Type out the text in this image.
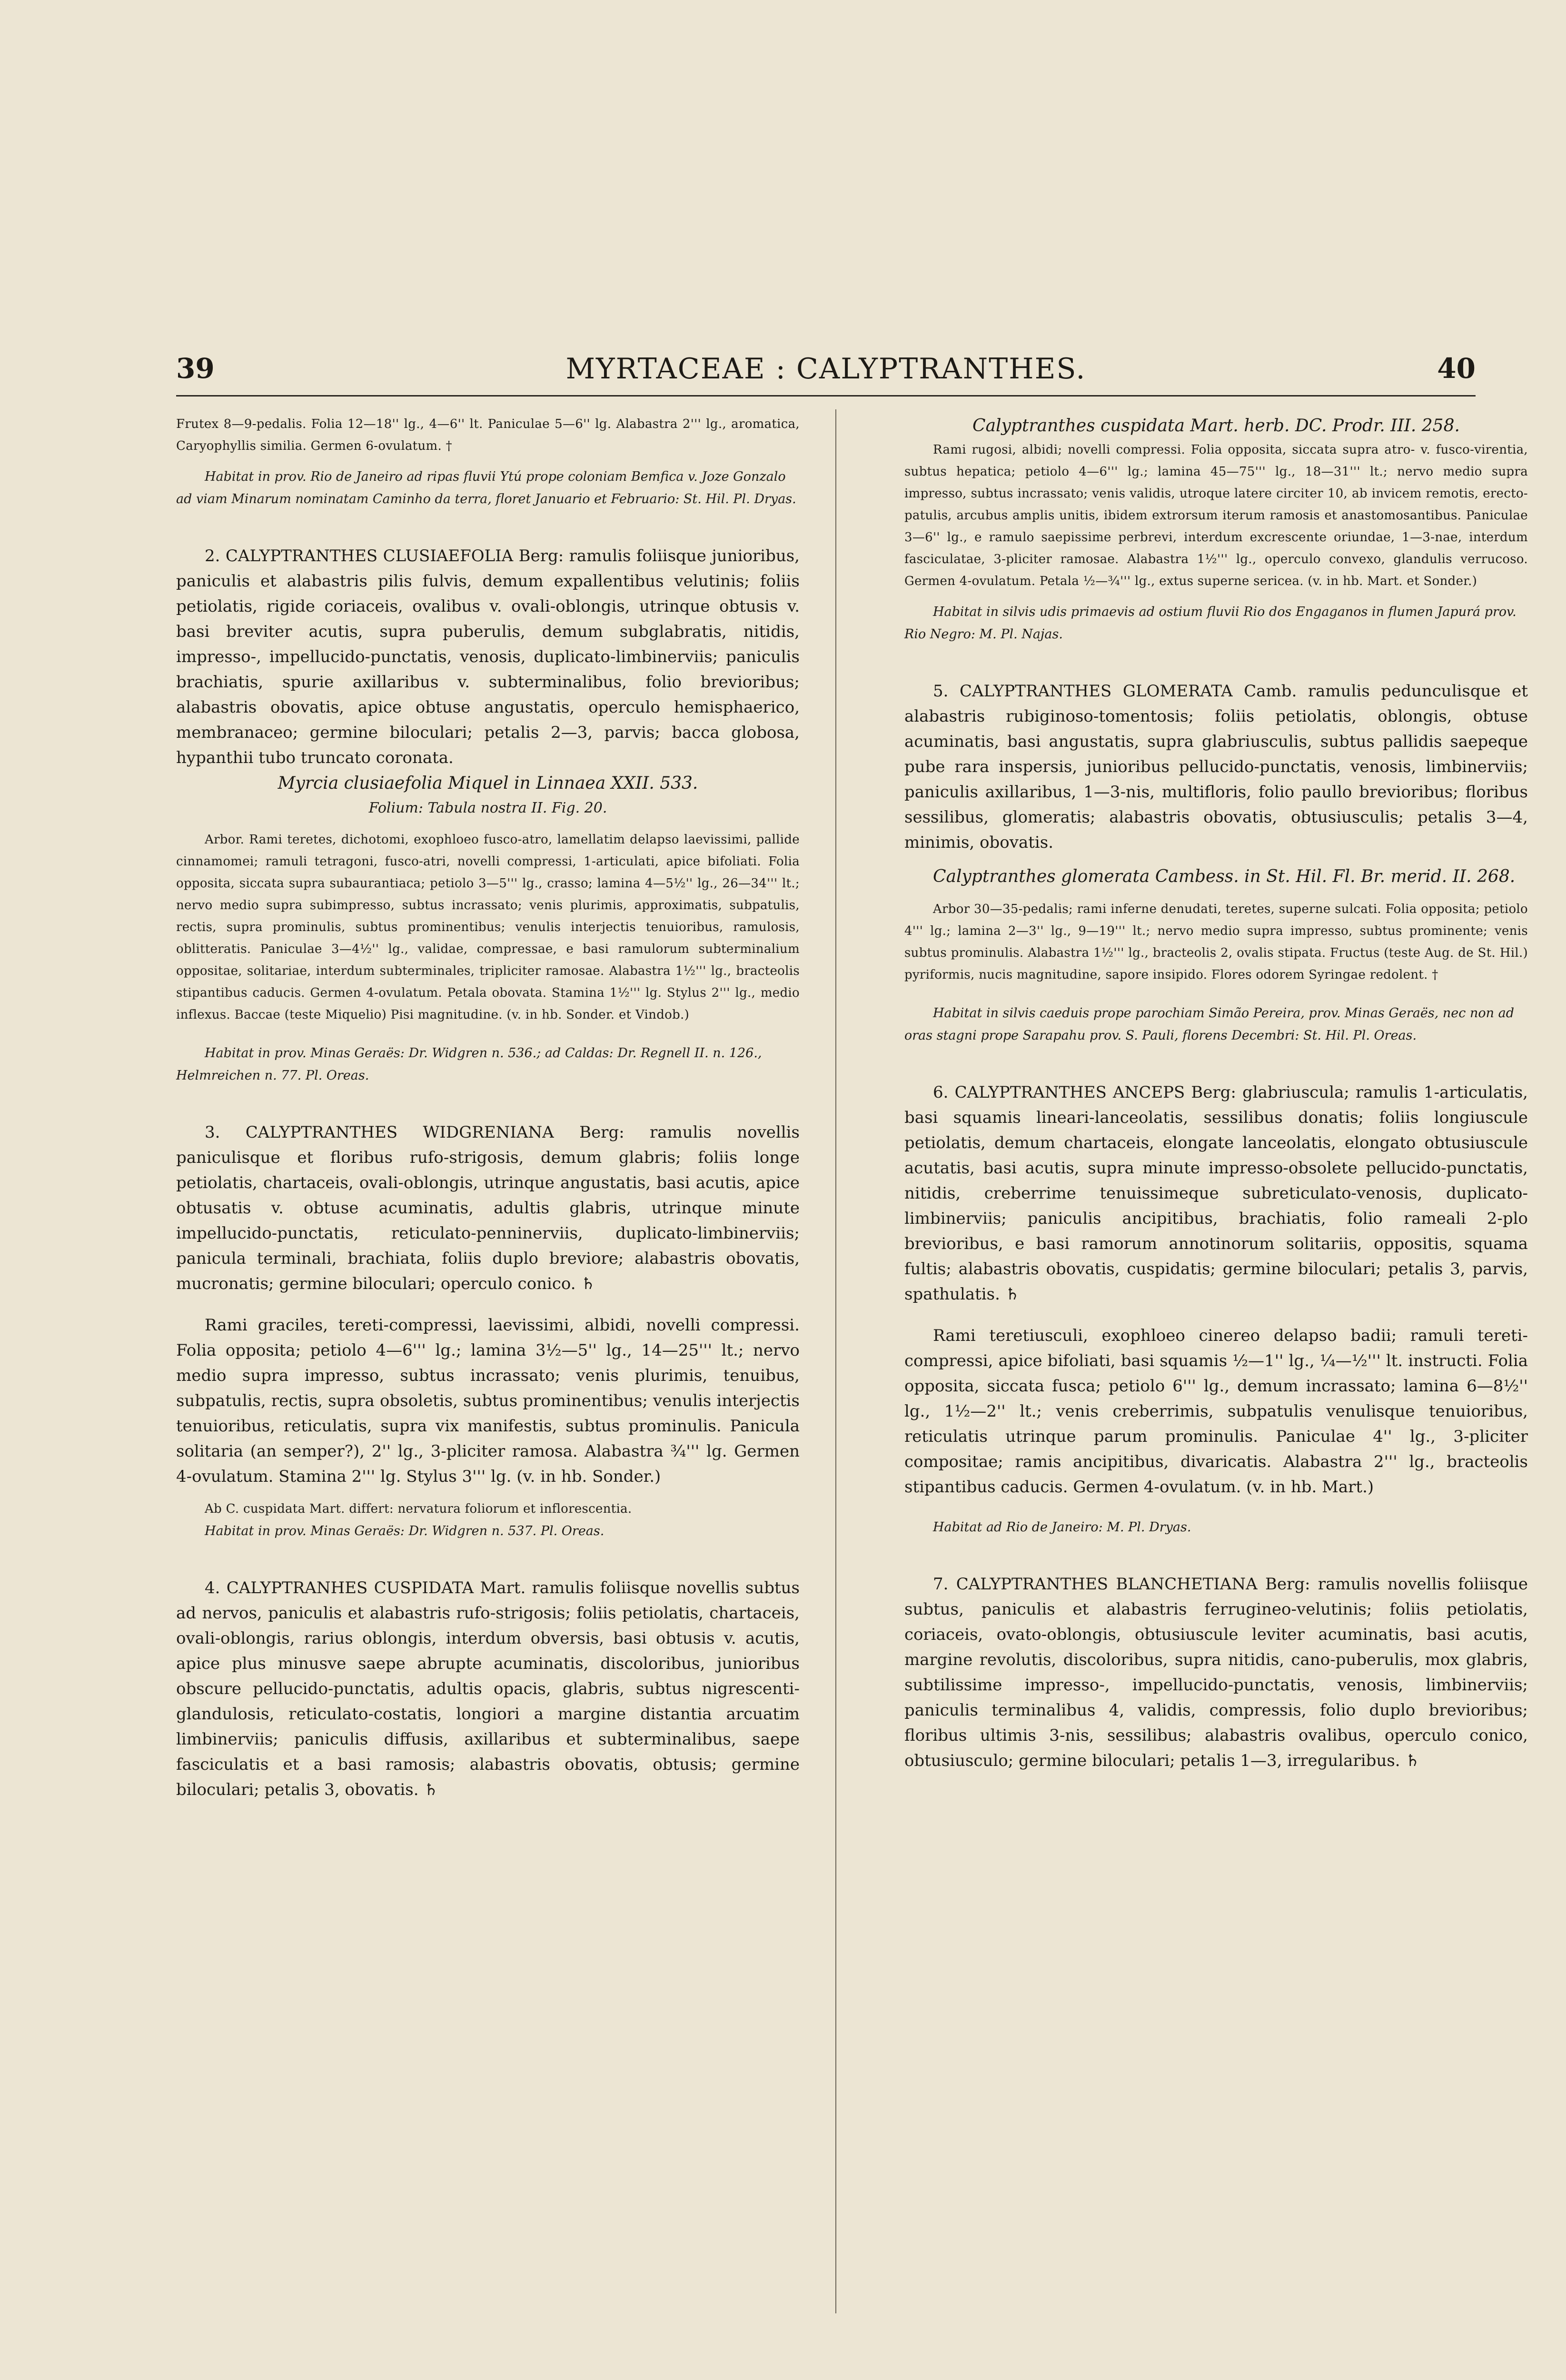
39	MYRTACEAE : CALYPTRANTHES.	40

Frutex 8—9-pedalis. Folia 12—18'' lg., 4—6'' lt. Paniculae 5—6'' lg. Alabastra 2''' lg., aromatica, Caryophyllis similia. Germen 6-ovulatum. †

Habitat in prov. Rio de Janeiro ad ripas fluvii Ytú prope coloniam Bemfica v. Joze Gonzalo ad viam Minarum nominatam Caminho da terra, floret Januario et Februario: St. Hil. Pl. Dryas.

2. CALYPTRANTHES CLUSIAEFOLIA Berg: ramulis foliisque junioribus, paniculis et alabastris pilis fulvis, demum expallentibus velutinis; foliis petiolatis, rigide coriaceis, ovalibus v. ovali-oblongis, utrinque obtusis v. basi breviter acutis, supra puberulis, demum subglabratis, nitidis, impresso-, impellucido-punctatis, venosis, duplicato-limbinerviis; paniculis brachiatis, spurie axillaribus v. subterminalibus, folio brevioribus; alabastris obovatis, apice obtuse angustatis, operculo hemisphaerico, membranaceo; germine biloculari; petalis 2—3, parvis; bacca globosa, hypanthii tubo truncato coronata.

Myrcia clusiaefolia Miquel in Linnaea XXII. 533.

Folium: Tabula nostra II. Fig. 20.

Arbor. Rami teretes, dichotomi, exophloeo fusco-atro, lamellatim delapso laevissimi, pallide cinnamomei; ramuli tetragoni, fusco-atri, novelli compressi, 1-articulati, apice bifoliati. Folia opposita, siccata supra subaurantiaca; petiolo 3—5''' lg., crasso; lamina 4—5½'' lg., 26—34''' lt.; nervo medio supra subimpresso, subtus incrassato; venis plurimis, approximatis, subpatulis, rectis, supra prominulis, subtus prominentibus; venulis interjectis tenuioribus, ramulosis, oblitteratis. Paniculae 3—4½'' lg., validae, compressae, e basi ramulorum subterminalium oppositae, solitariae, interdum subterminales, tripliciter ramosae. Alabastra 1½''' lg., bracteolis stipantibus caducis. Germen 4-ovulatum. Petala obovata. Stamina 1½''' lg. Stylus 2''' lg., medio inflexus. Baccae (teste Miquelio) Pisi magnitudine. (v. in hb. Sonder. et Vindob.)

Habitat in prov. Minas Geraës: Dr. Widgren n. 536.; ad Caldas: Dr. Regnell II. n. 126., Helmreichen n. 77. Pl. Oreas.

3. CALYPTRANTHES WIDGRENIANA Berg: ramulis novellis paniculisque et floribus rufo-strigosis, demum glabris; foliis longe petiolatis, chartaceis, ovali-oblongis, utrinque angustatis, basi acutis, apice obtusatis v. obtuse acuminatis, adultis glabris, utrinque minute impellucido-punctatis, reticulato-penninerviis, duplicato-limbinerviis; panicula terminali, brachiata, foliis duplo breviore; alabastris obovatis, mucronatis; germine biloculari; operculo conico. ♄

Rami graciles, tereti-compressi, laevissimi, albidi, novelli compressi. Folia opposita; petiolo 4—6''' lg.; lamina 3½—5'' lg., 14—25''' lt.; nervo medio supra impresso, subtus incrassato; venis plurimis, tenuibus, subpatulis, rectis, supra obsoletis, subtus prominentibus; venulis interjectis tenuioribus, reticulatis, supra vix manifestis, subtus prominulis. Panicula solitaria (an semper?), 2'' lg., 3-pliciter ramosa. Alabastra ¾''' lg. Germen 4-ovulatum. Stamina 2''' lg. Stylus 3''' lg. (v. in hb. Sonder.)

Ab C. cuspidata Mart. differt: nervatura foliorum et inflorescentia.

Habitat in prov. Minas Geraës: Dr. Widgren n. 537. Pl. Oreas.

4. CALYPTRANHES CUSPIDATA Mart. ramulis foliisque novellis subtus ad nervos, paniculis et alabastris rufo-strigosis; foliis petiolatis, chartaceis, ovali-oblongis, rarius oblongis, interdum obversis, basi obtusis v. acutis, apice plus minusve saepe abrupte acuminatis, discoloribus, junioribus obscure pellucido-punctatis, adultis opacis, glabris, subtus nigrescenti-glandulosis, reticulato-costatis, longiori a margine distantia arcuatim limbinerviis; paniculis diffusis, axillaribus et subterminalibus, saepe fasciculatis et a basi ramosis; alabastris obovatis, obtusis; germine biloculari; petalis 3, obovatis. ♄

Calyptranthes cuspidata Mart. herb. DC. Prodr. III. 258.

Rami rugosi, albidi; novelli compressi. Folia opposita, siccata supra atro- v. fusco-virentia, subtus hepatica; petiolo 4—6''' lg.; lamina 45—75''' lg., 18—31''' lt.; nervo medio supra impresso, subtus incrassato; venis validis, utroque latere circiter 10, ab invicem remotis, erecto-patulis, arcubus amplis unitis, ibidem extrorsum iterum ramosis et anastomosantibus. Paniculae 3—6'' lg., e ramulo saepissime perbrevi, interdum excrescente oriundae, 1—3-nae, interdum fasciculatae, 3-pliciter ramosae. Alabastra 1½''' lg., operculo convexo, glandulis verrucoso. Germen 4-ovulatum. Petala ½—¾''' lg., extus superne sericea. (v. in hb. Mart. et Sonder.)

Habitat in silvis udis primaevis ad ostium fluvii Rio dos Engaganos in flumen Japurá prov. Rio Negro: M. Pl. Najas.

5. CALYPTRANTHES GLOMERATA Camb. ramulis pedunculisque et alabastris rubiginoso-tomentosis; foliis petiolatis, oblongis, obtuse acuminatis, basi angustatis, supra glabriusculis, subtus pallidis saepeque pube rara inspersis, junioribus pellucido-punctatis, venosis, limbinerviis; paniculis axillaribus, 1—3-nis, multifloris, folio paullo brevioribus; floribus sessilibus, glomeratis; alabastris obovatis, obtusiusculis; petalis 3—4, minimis, obovatis.

Calyptranthes glomerata Cambess. in St. Hil. Fl. Br. merid. II. 268.

Arbor 30—35-pedalis; rami inferne denudati, teretes, superne sulcati. Folia opposita; petiolo 4''' lg.; lamina 2—3'' lg., 9—19''' lt.; nervo medio supra impresso, subtus prominente; venis subtus prominulis. Alabastra 1½''' lg., bracteolis 2, ovalis stipata. Fructus (teste Aug. de St. Hil.) pyriformis, nucis magnitudine, sapore insipido. Flores odorem Syringae redolent. †

Habitat in silvis caeduis prope parochiam Simão Pereira, prov. Minas Geraës, nec non ad oras stagni prope Sarapahu prov. S. Pauli, florens Decembri: St. Hil. Pl. Oreas.

6. CALYPTRANTHES ANCEPS Berg: glabriuscula; ramulis 1-articulatis, basi squamis lineari-lanceolatis, sessilibus donatis; foliis longiuscule petiolatis, demum chartaceis, elongate lanceolatis, elongato obtusiuscule acutatis, basi acutis, supra minute impresso-obsolete pellucido-punctatis, nitidis, creberrime tenuissimeque subreticulato-venosis, duplicato-limbinerviis; paniculis ancipitibus, brachiatis, folio rameali 2-plo brevioribus, e basi ramorum annotinorum solitariis, oppositis, squama fultis; alabastris obovatis, cuspidatis; germine biloculari; petalis 3, parvis, spathulatis. ♄

Rami teretiusculi, exophloeo cinereo delapso badii; ramuli tereti-compressi, apice bifoliati, basi squamis ½—1'' lg., ¼—½''' lt. instructi. Folia opposita, siccata fusca; petiolo 6''' lg., demum incrassato; lamina 6—8½'' lg., 1½—2'' lt.; venis creberrimis, subpatulis venulisque tenuioribus, reticulatis utrinque parum prominulis. Paniculae 4'' lg., 3-pliciter compositae; ramis ancipitibus, divaricatis. Alabastra 2''' lg., bracteolis stipantibus caducis. Germen 4-ovulatum. (v. in hb. Mart.)

Habitat ad Rio de Janeiro: M. Pl. Dryas.

7. CALYPTRANTHES BLANCHETIANA Berg: ramulis novellis foliisque subtus, paniculis et alabastris ferrugineo-velutinis; foliis petiolatis, coriaceis, ovato-oblongis, obtusiuscule leviter acuminatis, basi acutis, margine revolutis, discoloribus, supra nitidis, cano-puberulis, mox glabris, subtilissime impresso-, impellucido-punctatis, venosis, limbinerviis; paniculis terminalibus 4, validis, compressis, folio duplo brevioribus; floribus ultimis 3-nis, sessilibus; alabastris ovalibus, operculo conico, obtusiusculo; germine biloculari; petalis 1—3, irregularibus. ♄
